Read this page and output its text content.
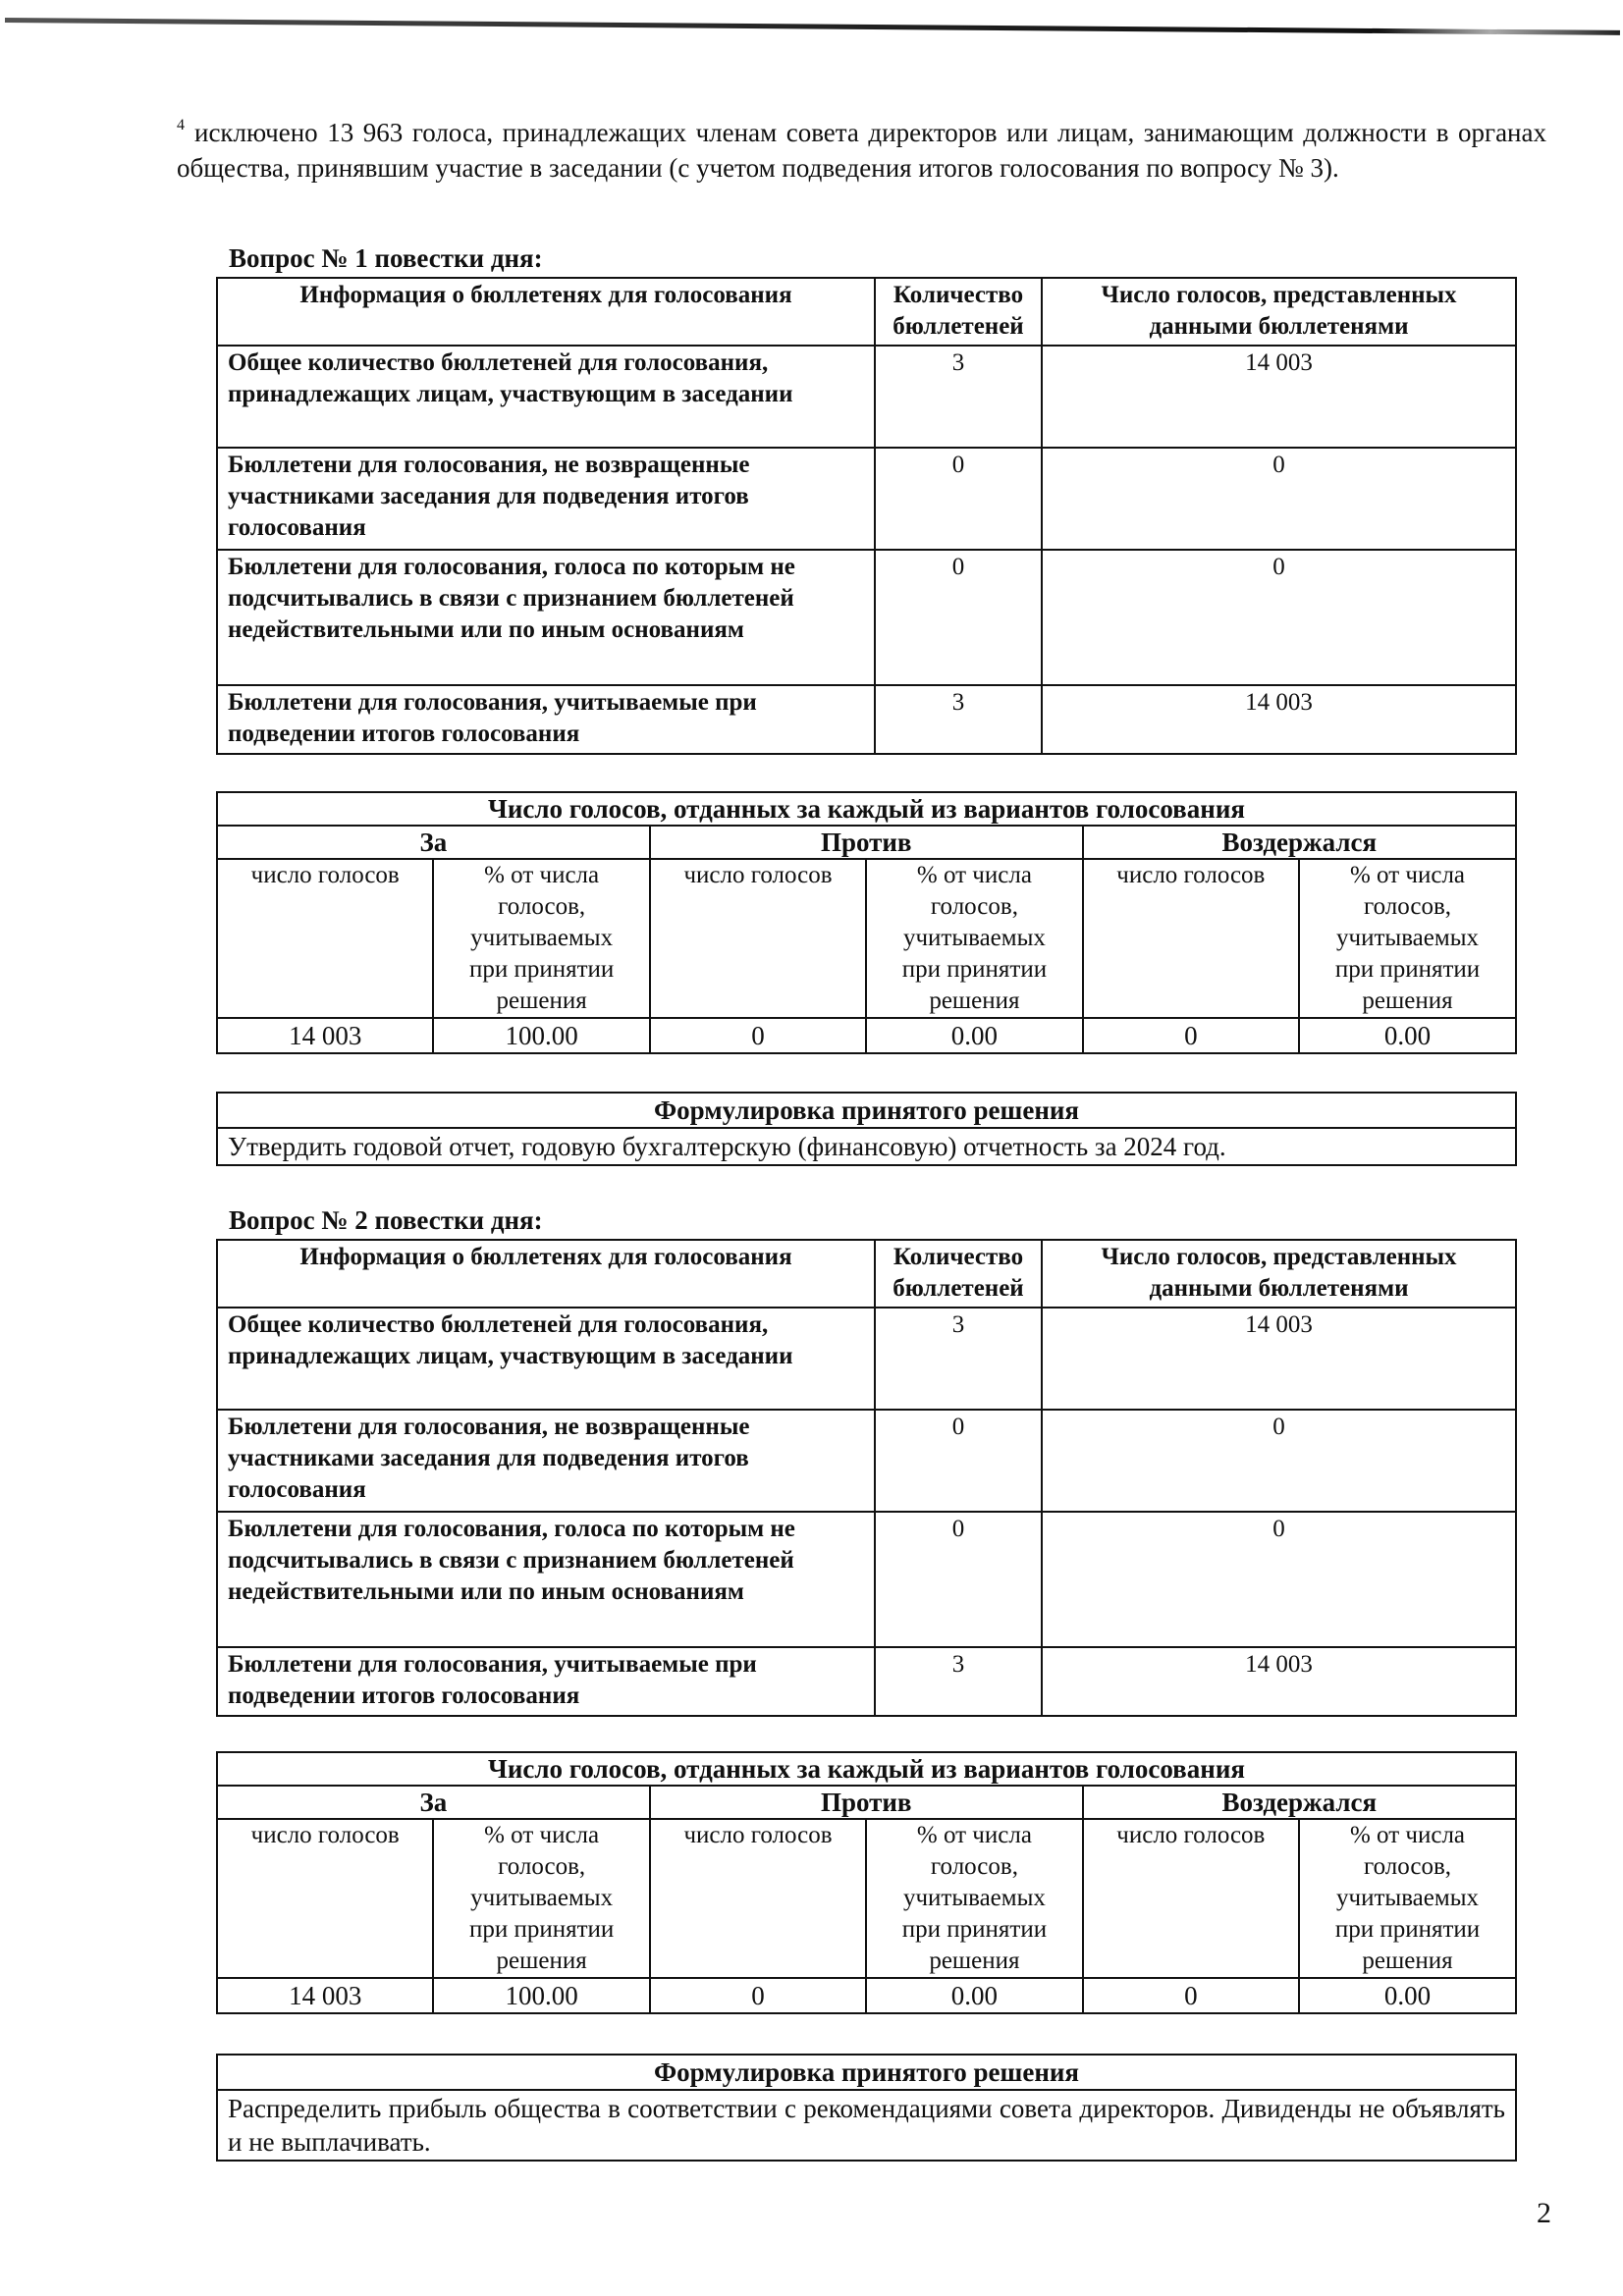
$^4$ исключено 13 963 голоса, принадлежащих членам совета директоров или лицам, занимающим должности в органах общества, принявшим участие в заседании (с учетом подведения итогов голосования по вопросу № 3).
Вопрос № 1 повестки дня:
Информация о бюллетенях для голосования	Количество бюллетеней	Число голосов, представленных данными бюллетенями
Общее количество бюллетеней для голосования, принадлежащих лицам, участвующим в заседании	3	14 003
Бюллетени для голосования, не возвращенные участниками заседания для подведения итогов голосования	0	0
Бюллетени для голосования, голоса по которым не подсчитывались в связи с признанием бюллетеней недействительными или по иным основаниям	0	0
Бюллетени для голосования, учитываемые при подведении итогов голосования	3	14 003
Число голосов, отданных за каждый из вариантов голосования					
За		Против		Воздержался	
число голосов	% от числа голосов, учитываемых при принятии решения	число голосов	% от числа голосов, учитываемых при принятии решения	число голосов	% от числа голосов, учитываемых при принятии решения
14 003	100.00	0	0.00	0	0.00
Формулировка принятого решения
Утвердить годовой отчет, годовую бухгалтерскую (финансовую) отчетность за 2024 год.
Вопрос № 2 повестки дня:
Информация о бюллетенях для голосования	Количество бюллетеней	Число голосов, представленных данными бюллетенями
Общее количество бюллетеней для голосования, принадлежащих лицам, участвующим в заседании	3	14 003
Бюллетени для голосования, не возвращенные участниками заседания для подведения итогов голосования	0	0
Бюллетени для голосования, голоса по которым не подсчитывались в связи с признанием бюллетеней недействительными или по иным основаниям	0	0
Бюллетени для голосования, учитываемые при подведении итогов голосования	3	14 003
Число голосов, отданных за каждый из вариантов голосования					
За		Против		Воздержался	
число голосов	% от числа голосов, учитываемых при принятии решения	число голосов	% от числа голосов, учитываемых при принятии решения	число голосов	% от числа голосов, учитываемых при принятии решения
14 003	100.00	0	0.00	0	0.00
Формулировка принятого решения
Распределить прибыль общества в соответствии с рекомендациями совета директоров. Дивиденды не объявлять и не выплачивать.
2
